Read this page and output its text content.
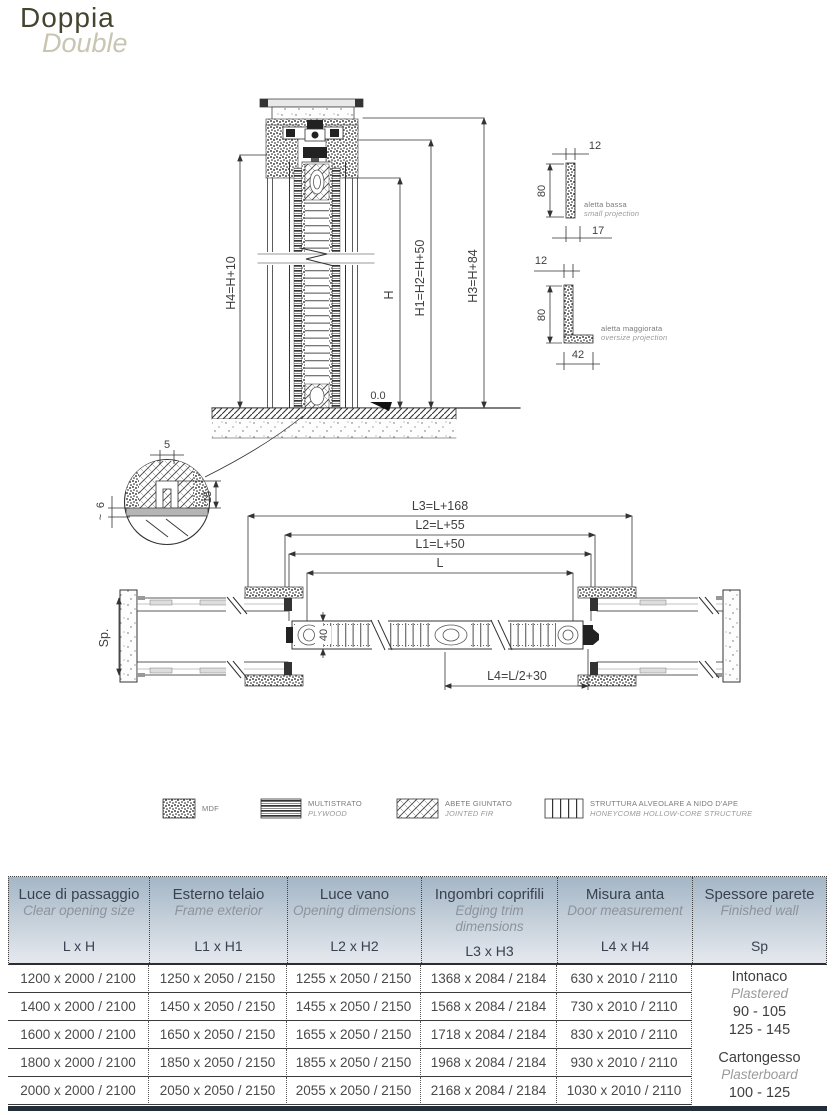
Doppia
Double
H4=H+10	H H1=H2=H+50	H3=H+84
0.0
12
80
aletta bassa
small projection
17
12
80
aletta maggiorata
oversize projection
42
5
15
6
~
L3=L+168
L2=L+55
L1=L+50
L
Sp.	40
L4=L/2+30
MDF
MULTISTRATO
PLYWOOD
ABETE GIUNTATO
JOINTED FIR
STRUTTURA ALVEOLARE A NIDO D'APE
HONEYCOMB HOLLOW-CORE STRUCTURE
Luce di passaggio
Clear opening size
L x H
Esterno telaio
Frame exterior
L1 x H1
Luce vano
Opening dimensions
L2 x H2
Ingombri coprifili
Edging trim dimensions
L3 x H3
Misura anta
Door measurement
L4 x H4
Spessore parete
Finished wall
Sp
1200 x 2000 / 2100	1250 x 2050 / 2150	1255 x 2050 / 2150	1368 x 2084 / 2184	630 x 2010 / 2110	Intonaco
Plastered
90 - 105
125 - 145
Cartongesso
Plasterboard
100 - 125
1400 x 2000 / 2100	1450 x 2050 / 2150	1455 x 2050 / 2150	1568 x 2084 / 2184	730 x 2010 / 2110
1600 x 2000 / 2100	1650 x 2050 / 2150	1655 x 2050 / 2150	1718 x 2084 / 2184	830 x 2010 / 2110
1800 x 2000 / 2100	1850 x 2050 / 2150	1855 x 2050 / 2150	1968 x 2084 / 2184	930 x 2010 / 2110
2000 x 2000 / 2100	2050 x 2050 / 2150	2055 x 2050 / 2150	2168 x 2084 / 2184	1030 x 2010 / 2110
